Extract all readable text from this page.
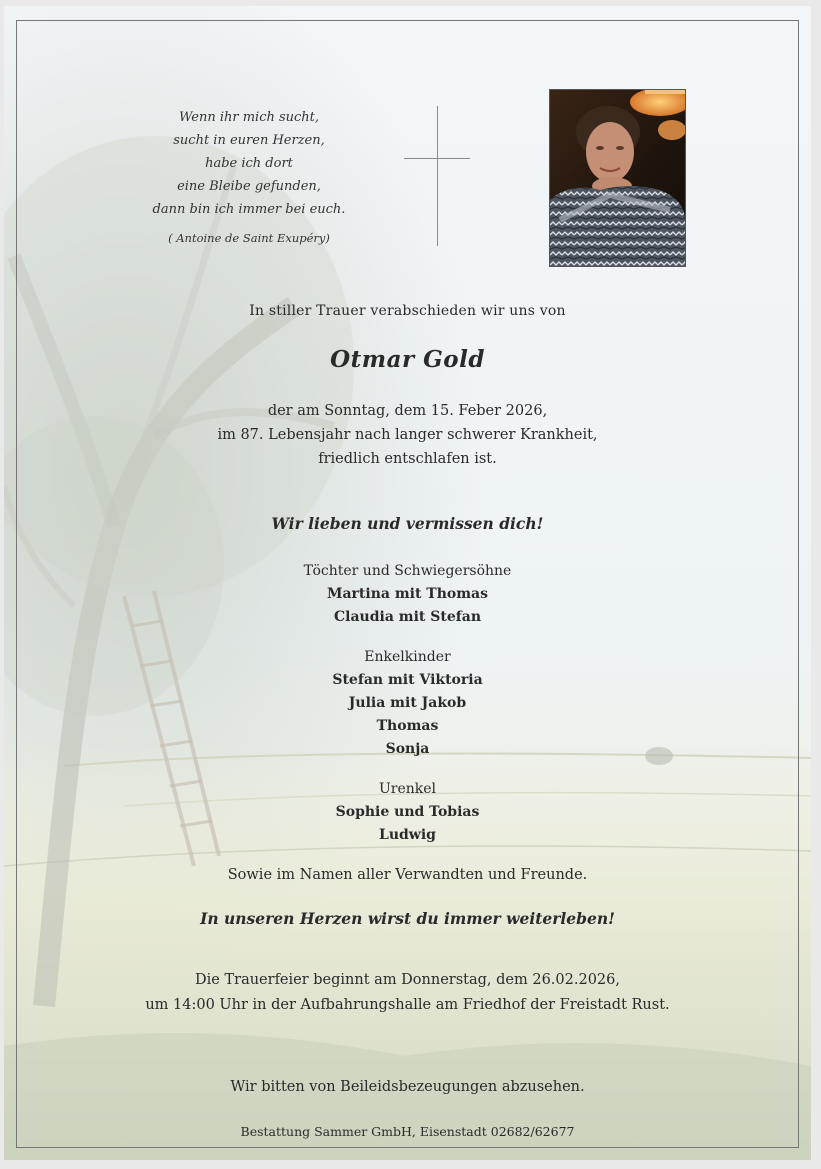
Wenn ihr mich sucht,
sucht in euren Herzen,
habe ich dort
eine Bleibe gefunden,
dann bin ich immer bei euch.
( Antoine de Saint Exupéry)
In stiller Trauer verabschieden wir uns von
Otmar Gold
der am Sonntag, dem 15. Feber 2026,
im 87. Lebensjahr nach langer schwerer Krankheit,
friedlich entschlafen ist.
Wir lieben und vermissen dich!
Töchter und Schwiegersöhne
Martina mit Thomas
Claudia mit Stefan
Enkelkinder
Stefan mit Viktoria
Julia mit Jakob
Thomas
Sonja
Urenkel
Sophie und Tobias
Ludwig
Sowie im Namen aller Verwandten und Freunde.
In unseren Herzen wirst du immer weiterleben!
Die Trauerfeier beginnt am Donnerstag, dem 26.02.2026,
um 14:00 Uhr in der Aufbahrungshalle am Friedhof der Freistadt Rust.
Wir bitten von Beileidsbezeugungen abzusehen.
Bestattung Sammer GmbH, Eisenstadt 02682/62677
